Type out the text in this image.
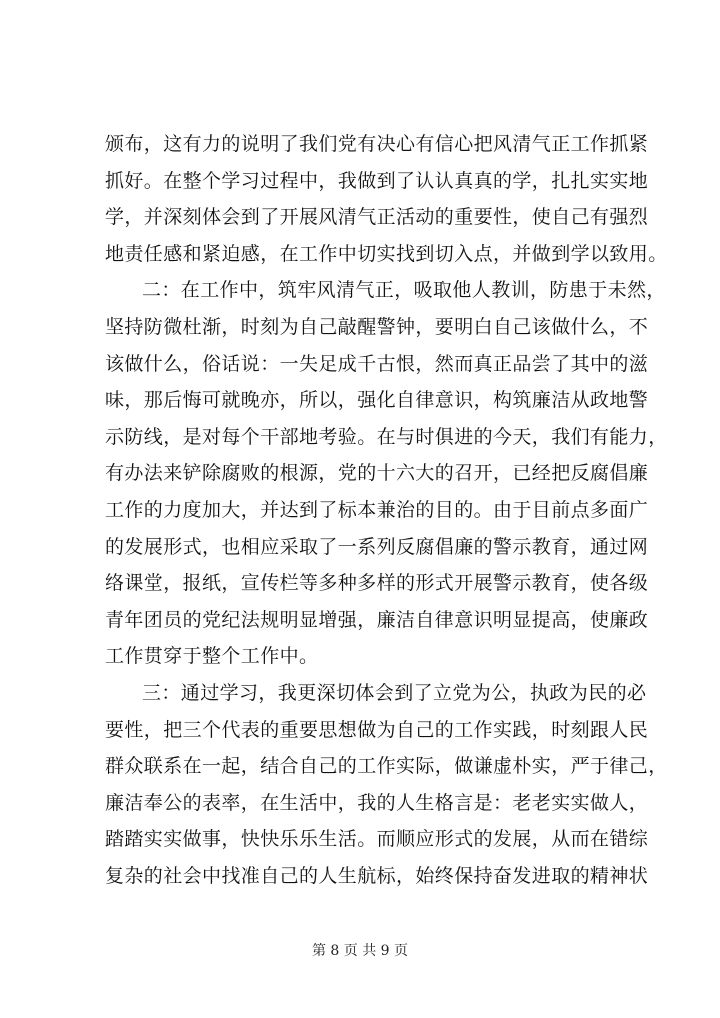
颁布，这有力的说明了我们党有决心有信心把风清气正工作抓紧
抓好。在整个学习过程中，我做到了认认真真的学，扎扎实实地
学，并深刻体会到了开展风清气正活动的重要性，使自己有强烈
地责任感和紧迫感，在工作中切实找到切入点，并做到学以致用。
二：在工作中，筑牢风清气正，吸取他人教训，防患于未然，
坚持防微杜渐，时刻为自己敲醒警钟，要明白自己该做什么，不
该做什么，俗话说：一失足成千古恨，然而真正品尝了其中的滋
味，那后悔可就晚亦，所以，强化自律意识，构筑廉洁从政地警
示防线，是对每个干部地考验。在与时俱进的今天，我们有能力，
有办法来铲除腐败的根源，党的十六大的召开，已经把反腐倡廉
工作的力度加大，并达到了标本兼治的目的。由于目前点多面广
的发展形式，也相应采取了一系列反腐倡廉的警示教育，通过网
络课堂，报纸，宣传栏等多种多样的形式开展警示教育，使各级
青年团员的党纪法规明显增强，廉洁自律意识明显提高，使廉政
工作贯穿于整个工作中。
三：通过学习，我更深切体会到了立党为公，执政为民的必
要性，把三个代表的重要思想做为自己的工作实践，时刻跟人民
群众联系在一起，结合自己的工作实际，做谦虚朴实，严于律己，
廉洁奉公的表率，在生活中，我的人生格言是：老老实实做人，
踏踏实实做事，快快乐乐生活。而顺应形式的发展，从而在错综
复杂的社会中找准自己的人生航标，始终保持奋发进取的精神状
第 8 页 共 9 页
